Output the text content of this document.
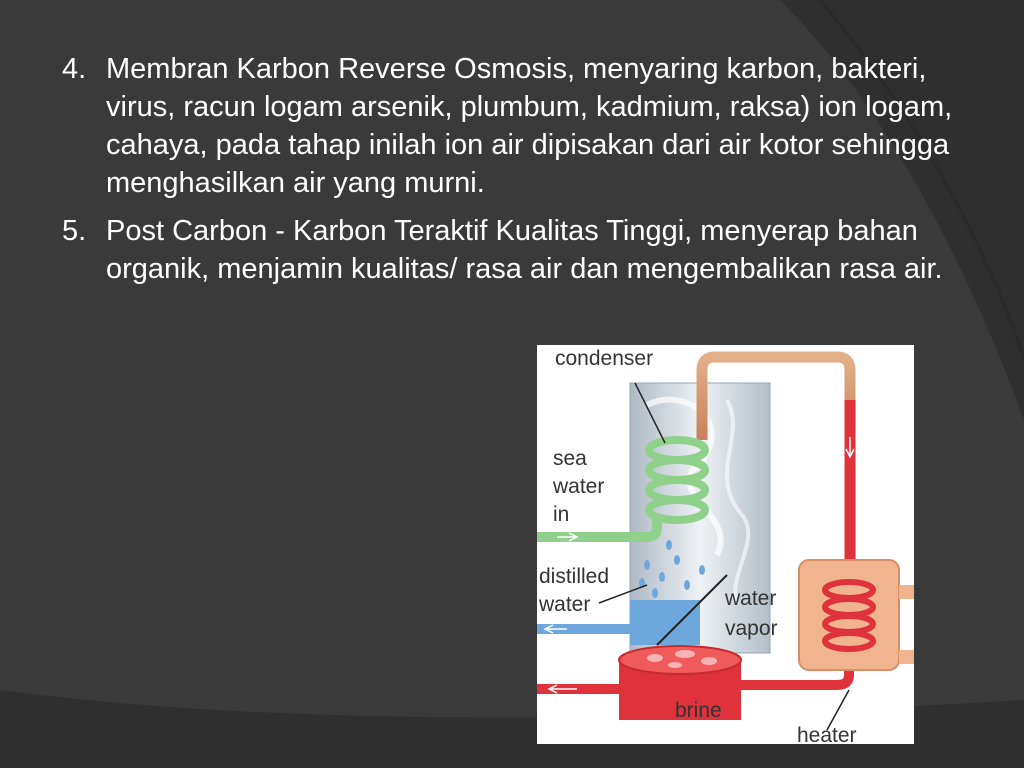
4. Membran Karbon Reverse Osmosis, menyaring karbon, bakteri, virus, racun logam arsenik, plumbum, kadmium, raksa) ion logam, cahaya, pada tahap inilah ion air dipisakan dari air kotor sehingga menghasilkan air yang murni.
5. Post Carbon - Karbon Teraktif Kualitas Tinggi, menyerap bahan organik, menjamin kualitas/ rasa air dan mengembalikan rasa air.
condenser
sea
water
in
distilled
water	water
vapor
brine
heater
